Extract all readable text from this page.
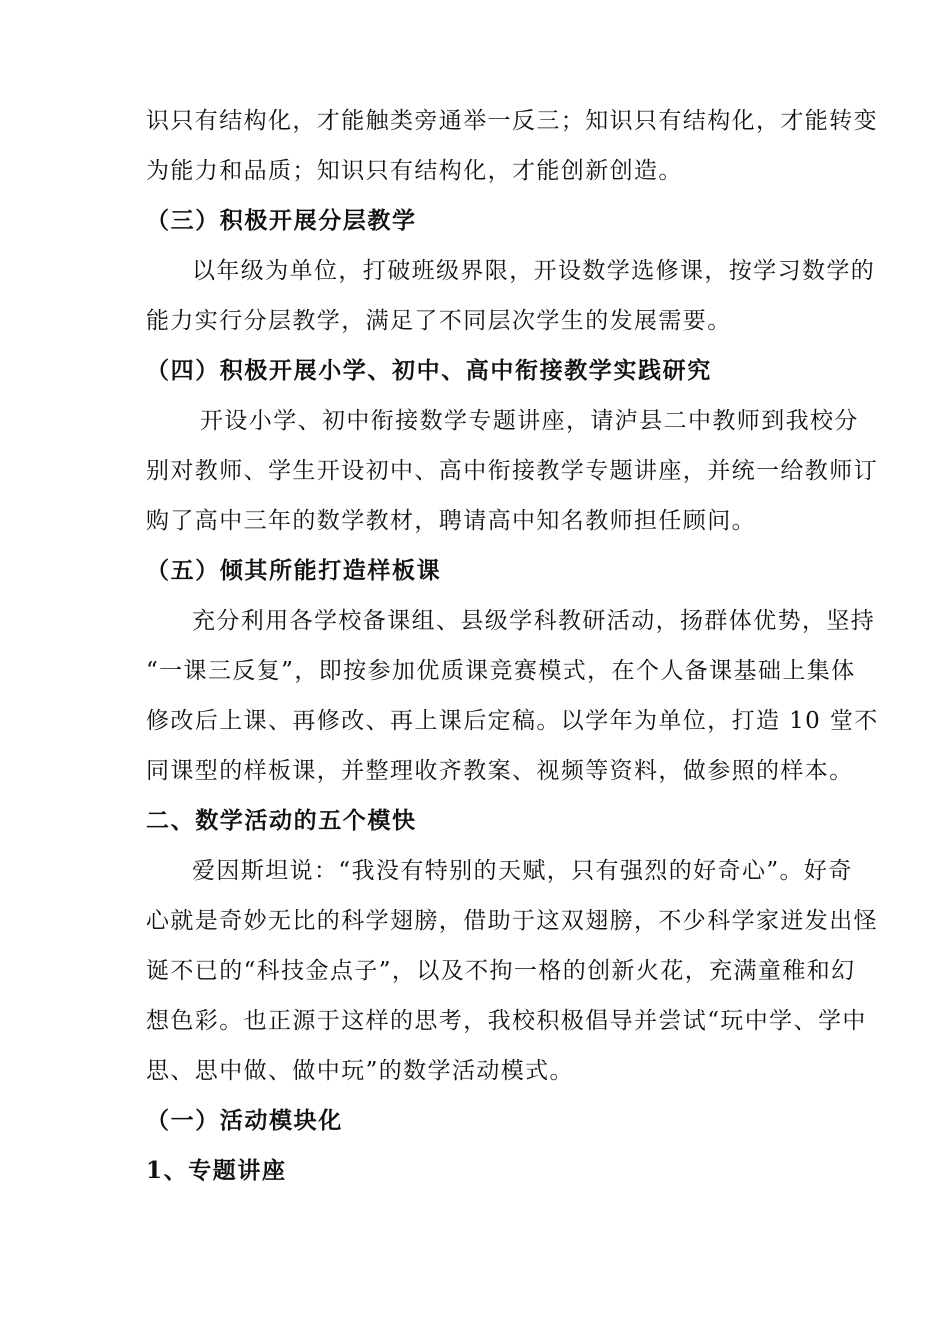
识只有结构化，才能触类旁通举一反三；知识只有结构化，才能转变
为能力和品质；知识只有结构化，才能创新创造。
（三）积极开展分层教学
以年级为单位，打破班级界限，开设数学选修课，按学习数学的
能力实行分层教学，满足了不同层次学生的发展需要。
（四）积极开展小学、初中、高中衔接教学实践研究
开设小学、初中衔接数学专题讲座，请泸县二中教师到我校分
别对教师、学生开设初中、高中衔接教学专题讲座，并统一给教师订
购了高中三年的数学教材，聘请高中知名教师担任顾问。
（五）倾其所能打造样板课
充分利用各学校备课组、县级学科教研活动，扬群体优势，坚持
“一课三反复”，即按参加优质课竞赛模式，在个人备课基础上集体
修改后上课、再修改、再上课后定稿。以学年为单位，打造 10 堂不
同课型的样板课，并整理收齐教案、视频等资料，做参照的样本。
二、数学活动的五个模快
爱因斯坦说：“我没有特别的天赋，只有强烈的好奇心”。好奇
心就是奇妙无比的科学翅膀，借助于这双翅膀，不少科学家迸发出怪
诞不已的“科技金点子”，以及不拘一格的创新火花，充满童稚和幻
想色彩。也正源于这样的思考，我校积极倡导并尝试“玩中学、学中
思、思中做、做中玩”的数学活动模式。
（一）活动模块化
1、专题讲座
